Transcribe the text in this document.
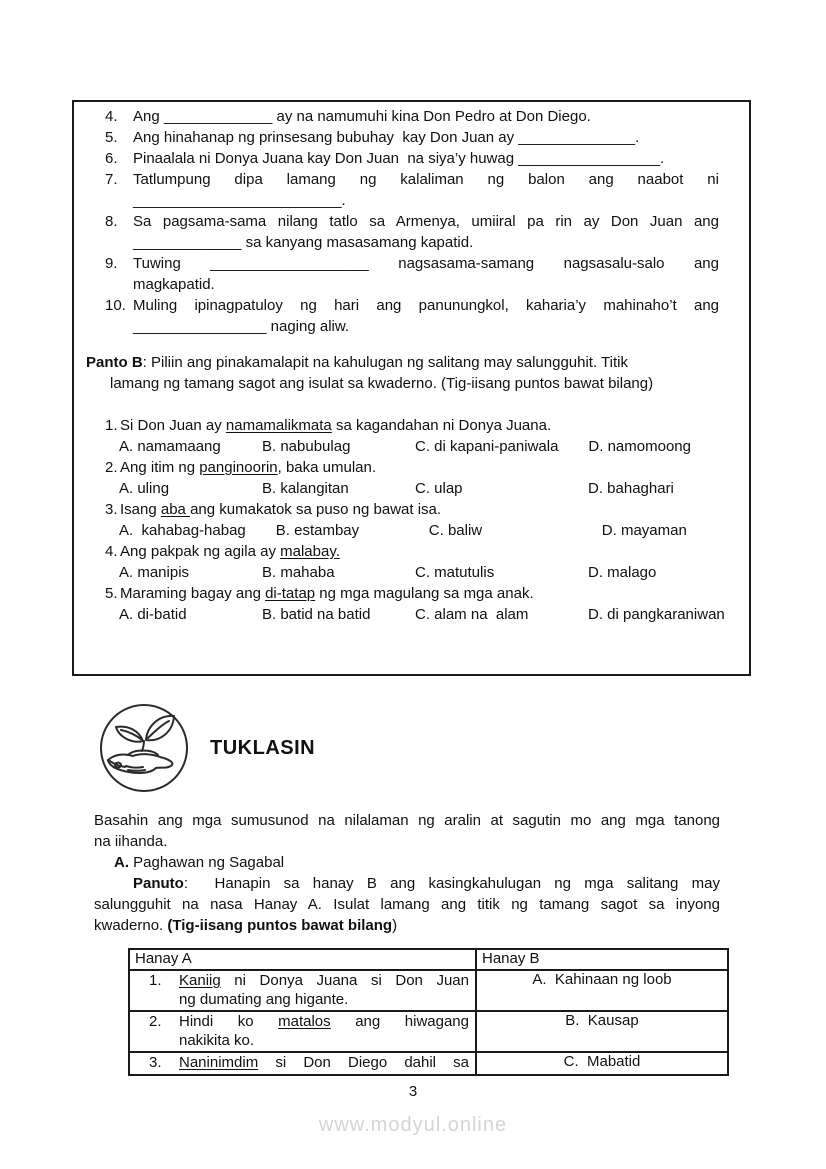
4.	Ang _____________ ay na namumuhi kina Don Pedro at Don Diego.
5.	Ang hinahanap ng prinsesang bubuhay  kay Don Juan ay ______________.
6.	Pinaalala ni Donya Juana kay Don Juan  na siya’y huwag _________________.
7.	Tatlumpung dipa lamang ng kalaliman ng balon ang naabot ni
_________________________.
8.	Sa pagsama-sama nilang tatlo sa Armenya, umiiral pa rin ay Don Juan ang
_____________ sa kanyang masasamang kapatid.
9.	Tuwing ___________________ nagsasama-samang nagsasalu-salo ang
magkapatid.
10. Muling ipinagpatuloy ng hari ang panunungkol, kaharia’y mahinaho’t ang
________________ naging aliw.
Panto B: Piliin ang pinakamalapit na kahulugan ng salitang may salungguhit. Titik
lamang ng tamang sagot ang isulat sa kwaderno. (Tig-iisang puntos bawat bilang)
1. Si Don Juan ay namamalikmata sa kagandahan ni Donya Juana.
A. namamaang	B. nabubulag	C. di kapani-paniwala D. namomoong
2. Ang itim ng panginoorin, baka umulan.
A. uling	B. kalangitan	C. ulap	D. bahaghari
3. Isang aba ang kumakatok sa puso ng bawat isa.
A.  kahabag-habag B. estambay	C. baliw	D. mayaman
4. Ang pakpak ng agila ay malabay.
A. manipis	B. mahaba	C. matutulis	D. malago
5. Maraming bagay ang di-tatap ng mga magulang sa mga anak.
A. di-batid	B. batid na batid	C. alam na  alam	D. di pangkaraniwan
TUKLASIN
Basahin ang mga sumusunod na nilalaman ng aralin at sagutin mo ang mga tanong
na iihanda.
A. Paghawan ng Sagabal
Panuto:  Hanapin sa hanay B ang kasingkahulugan ng mga salitang may
salungguhit na nasa Hanay A. Isulat lamang ang titik ng tamang sagot sa inyong
kwaderno. (Tig-iisang puntos bawat bilang)
Hanay A	Hanay B

1. Kaniig ni Donya Juana si Don Juan
ng dumating ang higante.	A.  Kahinaan ng loob

2. Hindi ko matalos ang hiwagang
nakikita ko.	B.  Kausap

3. Naninimdim si Don Diego dahil sa	C.  Mabatid
3
www.modyul.online
